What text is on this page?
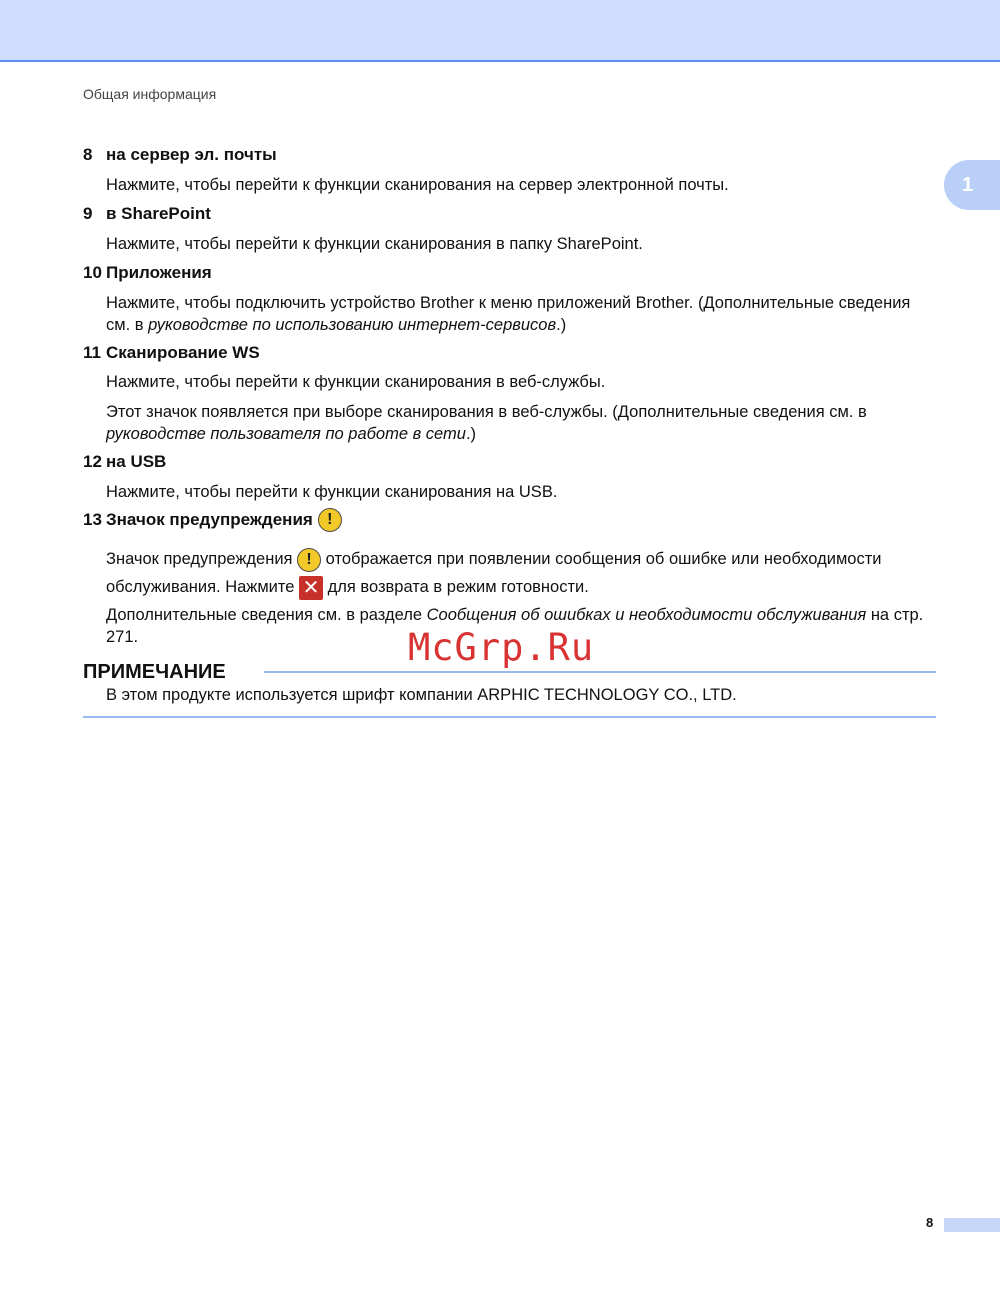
Общая информация
1
8 на сервер эл. почты
Нажмите, чтобы перейти к функции сканирования на сервер электронной почты.
9 в SharePoint
Нажмите, чтобы перейти к функции сканирования в папку SharePoint.
10 Приложения
Нажмите, чтобы подключить устройство Brother к меню приложений Brother. (Дополнительные сведения см. в руководстве по использованию интернет-сервисов.)
11 Сканирование WS
Нажмите, чтобы перейти к функции сканирования в веб-службы.
Этот значок появляется при выборе сканирования в веб-службы. (Дополнительные сведения см. в руководстве пользователя по работе в сети.)
12 на USB
Нажмите, чтобы перейти к функции сканирования на USB.
13 Значок предупреждения !
Значок предупреждения ! отображается при появлении сообщения об ошибке или необходимости обслуживания. Нажмите ✕ для возврата в режим готовности.
Дополнительные сведения см. в разделе Сообщения об ошибках и необходимости обслуживания на стр. 271.	McGrp.Ru
ПРИМЕЧАНИЕ
В этом продукте используется шрифт компании ARPHIC TECHNOLOGY CO., LTD.
8
